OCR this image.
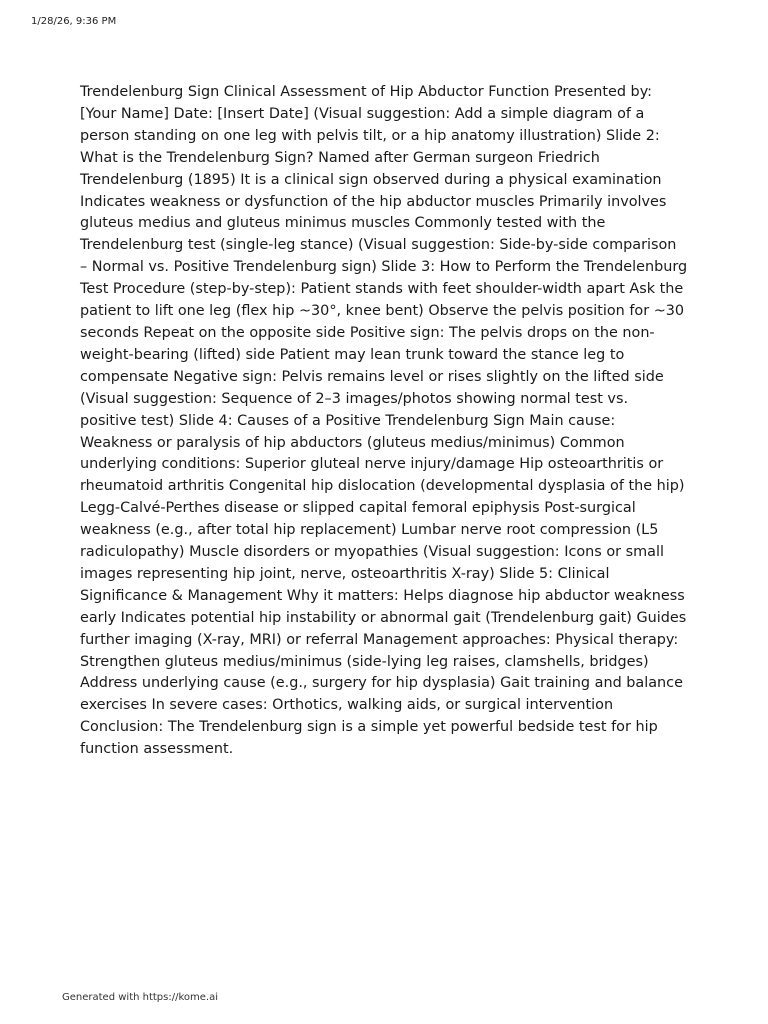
1/28/26, 9:36 PM
Trendelenburg Sign Clinical Assessment of Hip Abductor Function Presented by: [Your Name] Date: [Insert Date] (Visual suggestion: Add a simple diagram of a person standing on one leg with pelvis tilt, or a hip anatomy illustration) Slide 2: What is the Trendelenburg Sign? Named after German surgeon Friedrich Trendelenburg (1895) It is a clinical sign observed during a physical examination Indicates weakness or dysfunction of the hip abductor muscles Primarily involves gluteus medius and gluteus minimus muscles Commonly tested with the Trendelenburg test (single-leg stance) (Visual suggestion: Side-by-side comparison – Normal vs. Positive Trendelenburg sign) Slide 3: How to Perform the Trendelenburg Test Procedure (step-by-step): Patient stands with feet shoulder-width apart Ask the patient to lift one leg (flex hip ~30°, knee bent) Observe the pelvis position for ~30 seconds Repeat on the opposite side Positive sign: The pelvis drops on the non-weight-bearing (lifted) side Patient may lean trunk toward the stance leg to compensate Negative sign: Pelvis remains level or rises slightly on the lifted side (Visual suggestion: Sequence of 2–3 images/photos showing normal test vs. positive test) Slide 4: Causes of a Positive Trendelenburg Sign Main cause: Weakness or paralysis of hip abductors (gluteus medius/minimus) Common underlying conditions: Superior gluteal nerve injury/damage Hip osteoarthritis or rheumatoid arthritis Congenital hip dislocation (developmental dysplasia of the hip) Legg-Calvé-Perthes disease or slipped capital femoral epiphysis Post-surgical weakness (e.g., after total hip replacement) Lumbar nerve root compression (L5 radiculopathy) Muscle disorders or myopathies (Visual suggestion: Icons or small images representing hip joint, nerve, osteoarthritis X-ray) Slide 5: Clinical Significance & Management Why it matters: Helps diagnose hip abductor weakness early Indicates potential hip instability or abnormal gait (Trendelenburg gait) Guides further imaging (X-ray, MRI) or referral Management approaches: Physical therapy: Strengthen gluteus medius/minimus (side-lying leg raises, clamshells, bridges) Address underlying cause (e.g., surgery for hip dysplasia) Gait training and balance exercises In severe cases: Orthotics, walking aids, or surgical intervention Conclusion: The Trendelenburg sign is a simple yet powerful bedside test for hip function assessment.
Generated with https://kome.ai
